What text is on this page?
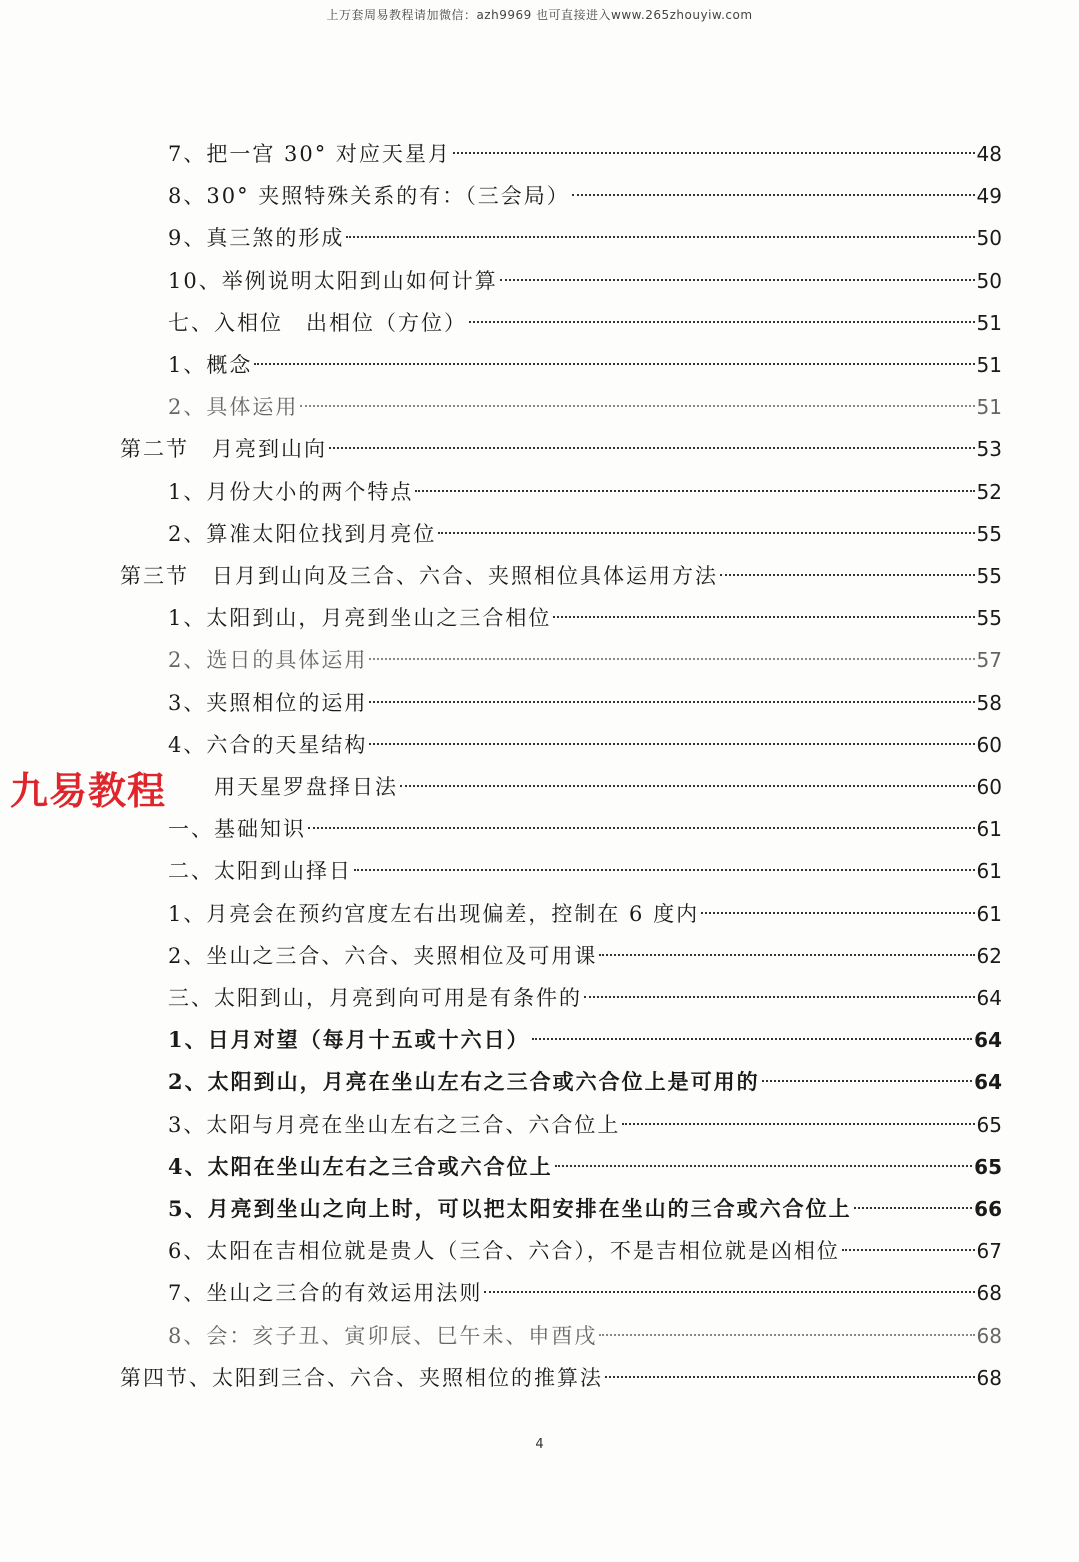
上万套周易教程请加微信：azh9969 也可直接进入www.265zhouyiw.com
7、把一宫 30° 对应天星月	48
8、30° 夹照特殊关系的有：（三会局）	49
9、真三煞的形成	50
10、举例说明太阳到山如何计算	50
七、入相位　出相位（方位）	51
1、概念	51
2、具体运用	51
第二节　月亮到山向	53
1、月份大小的两个特点	52
2、算准太阳位找到月亮位	55
第三节　日月到山向及三合、六合、夹照相位具体运用方法	55
1、太阳到山，月亮到坐山之三合相位	55
2、选日的具体运用	57
3、夹照相位的运用	58
4、六合的天星结构	60
　　用天星罗盘择日法	60
一、基础知识	61
二、太阳到山择日	61
1、月亮会在预约宫度左右出现偏差，控制在 6 度内	61
2、坐山之三合、六合、夹照相位及可用课	62
三、太阳到山，月亮到向可用是有条件的	64
1、日月对望（每月十五或十六日）	64
2、太阳到山，月亮在坐山左右之三合或六合位上是可用的	64
3、太阳与月亮在坐山左右之三合、六合位上	65
4、太阳在坐山左右之三合或六合位上	65
5、月亮到坐山之向上时，可以把太阳安排在坐山的三合或六合位上	66
6、太阳在吉相位就是贵人（三合、六合），不是吉相位就是凶相位	67
7、坐山之三合的有效运用法则	68
8、会：亥子丑、寅卯辰、巳午未、申酉戌	68
第四节、太阳到三合、六合、夹照相位的推算法	68
九易教程
4
